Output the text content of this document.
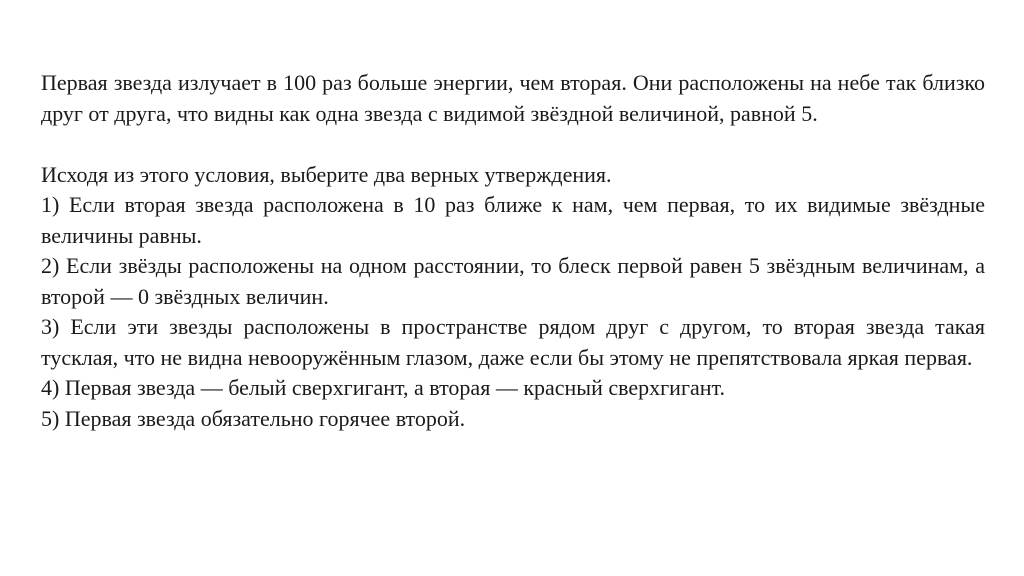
Первая звезда излучает в 100 раз больше энергии, чем вторая. Они расположены на небе так близко друг от друга, что видны как одна звезда с видимой звёздной величиной, равной 5.

Исходя из этого условия, выберите два верных утверждения.

1) Если вторая звезда расположена в 10 раз ближе к нам, чем первая, то их видимые звёздные величины равны.

2) Если звёзды расположены на одном расстоянии, то блеск первой равен 5 звёздным величинам, а второй — 0 звёздных величин.

3) Если эти звезды расположены в пространстве рядом друг с другом, то вторая звезда такая тусклая, что не видна невооружённым глазом, даже если бы этому не препятствовала яркая первая.

4) Первая звезда — белый сверхгигант, а вторая — красный сверхгигант.

5) Первая звезда обязательно горячее второй.
